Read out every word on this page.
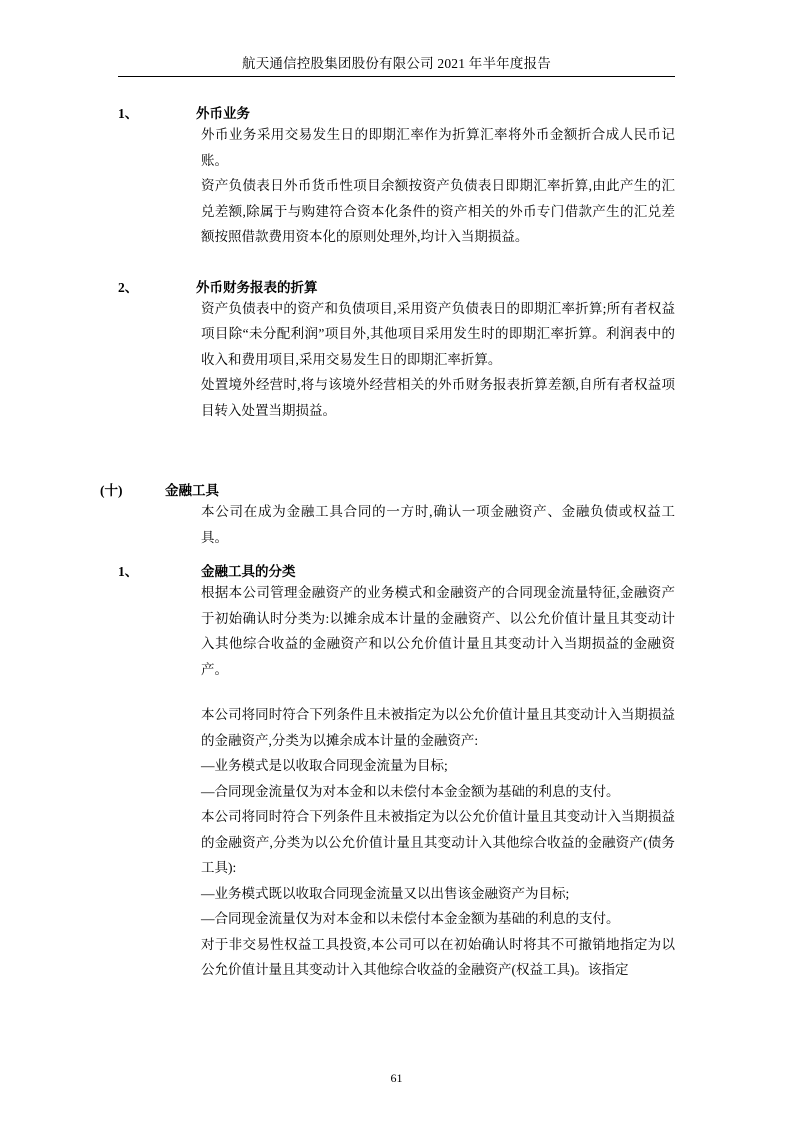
航天通信控股集团股份有限公司 2021 年半年度报告
1、	外币业务
外币业务采用交易发生日的即期汇率作为折算汇率将外币金额折合成人民币记账。
资产负债表日外币货币性项目余额按资产负债表日即期汇率折算,由此产生的汇兑差额,除属于与购建符合资本化条件的资产相关的外币专门借款产生的汇兑差额按照借款费用资本化的原则处理外,均计入当期损益。
2、	外币财务报表的折算
资产负债表中的资产和负债项目,采用资产负债表日的即期汇率折算;所有者权益项目除“未分配利润”项目外,其他项目采用发生时的即期汇率折算。利润表中的收入和费用项目,采用交易发生日的即期汇率折算。
处置境外经营时,将与该境外经营相关的外币财务报表折算差额,自所有者权益项目转入处置当期损益。
(十)	金融工具
本公司在成为金融工具合同的一方时,确认一项金融资产、金融负债或权益工具。
1、	金融工具的分类
根据本公司管理金融资产的业务模式和金融资产的合同现金流量特征,金融资产于初始确认时分类为:以摊余成本计量的金融资产、以公允价值计量且其变动计入其他综合收益的金融资产和以公允价值计量且其变动计入当期损益的金融资产。
本公司将同时符合下列条件且未被指定为以公允价值计量且其变动计入当期损益的金融资产,分类为以摊余成本计量的金融资产:
—业务模式是以收取合同现金流量为目标;
—合同现金流量仅为对本金和以未偿付本金金额为基础的利息的支付。
本公司将同时符合下列条件且未被指定为以公允价值计量且其变动计入当期损益的金融资产,分类为以公允价值计量且其变动计入其他综合收益的金融资产(债务工具):
—业务模式既以收取合同现金流量又以出售该金融资产为目标;
—合同现金流量仅为对本金和以未偿付本金金额为基础的利息的支付。
对于非交易性权益工具投资,本公司可以在初始确认时将其不可撤销地指定为以公允价值计量且其变动计入其他综合收益的金融资产(权益工具)。该指定
61
